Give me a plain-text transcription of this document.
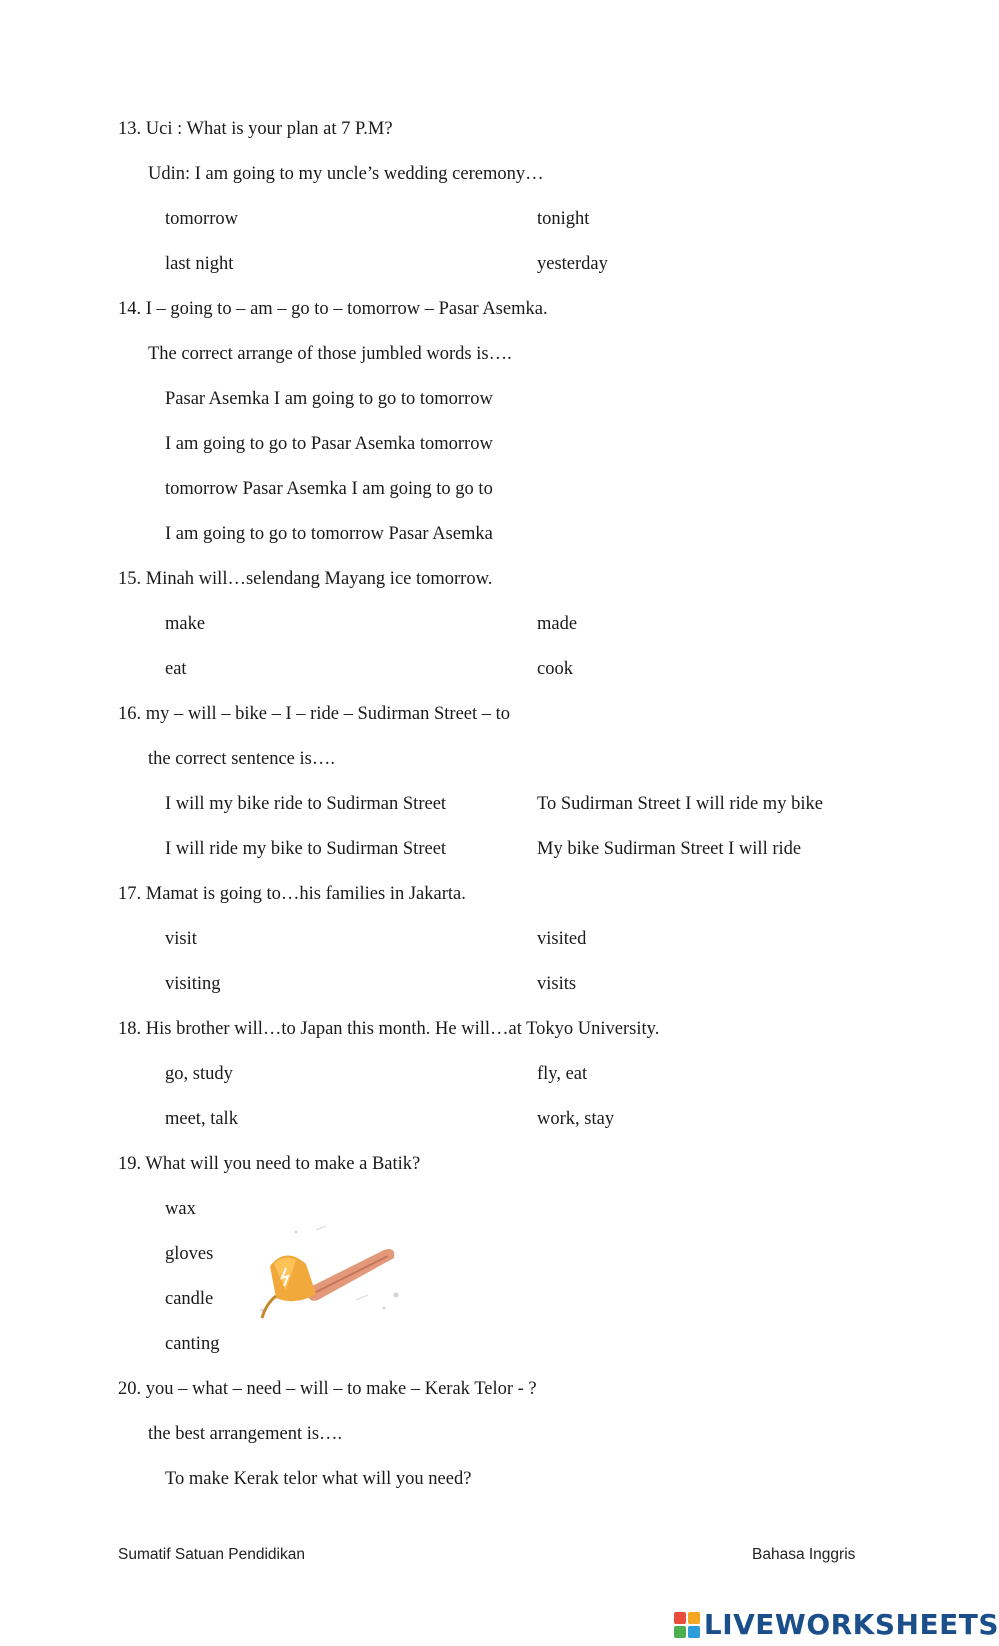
13. Uci : What is your plan at 7 P.M?
Udin: I am going to my uncle’s wedding ceremony…
tomorrow	tonight
last night	yesterday
14. I – going to – am – go to – tomorrow – Pasar Asemka.
The correct arrange of those jumbled words is….
Pasar Asemka I am going to go to tomorrow
I am going to go to Pasar Asemka tomorrow
tomorrow Pasar Asemka I am going to go to
I am going to go to tomorrow Pasar Asemka
15. Minah will…selendang Mayang ice tomorrow.
make	made
eat	cook
16. my – will – bike – I – ride – Sudirman Street – to
the correct sentence is….
I will my bike ride to Sudirman Street	To Sudirman Street I will ride my bike
I will ride my bike to Sudirman Street	My bike Sudirman Street I will ride
17. Mamat is going to…his families in Jakarta.
visit	visited
visiting	visits
18. His brother will…to Japan this month. He will…at Tokyo University.
go, study	fly, eat
meet, talk	work, stay
19. What will you need to make a Batik?
wax
gloves
candle
canting
20. you – what – need – will – to make – Kerak Telor - ?
the best arrangement is….
To make Kerak telor what will you need?
Sumatif Satuan Pendidikan	Bahasa Inggris
LIVEWORKSHEETS
